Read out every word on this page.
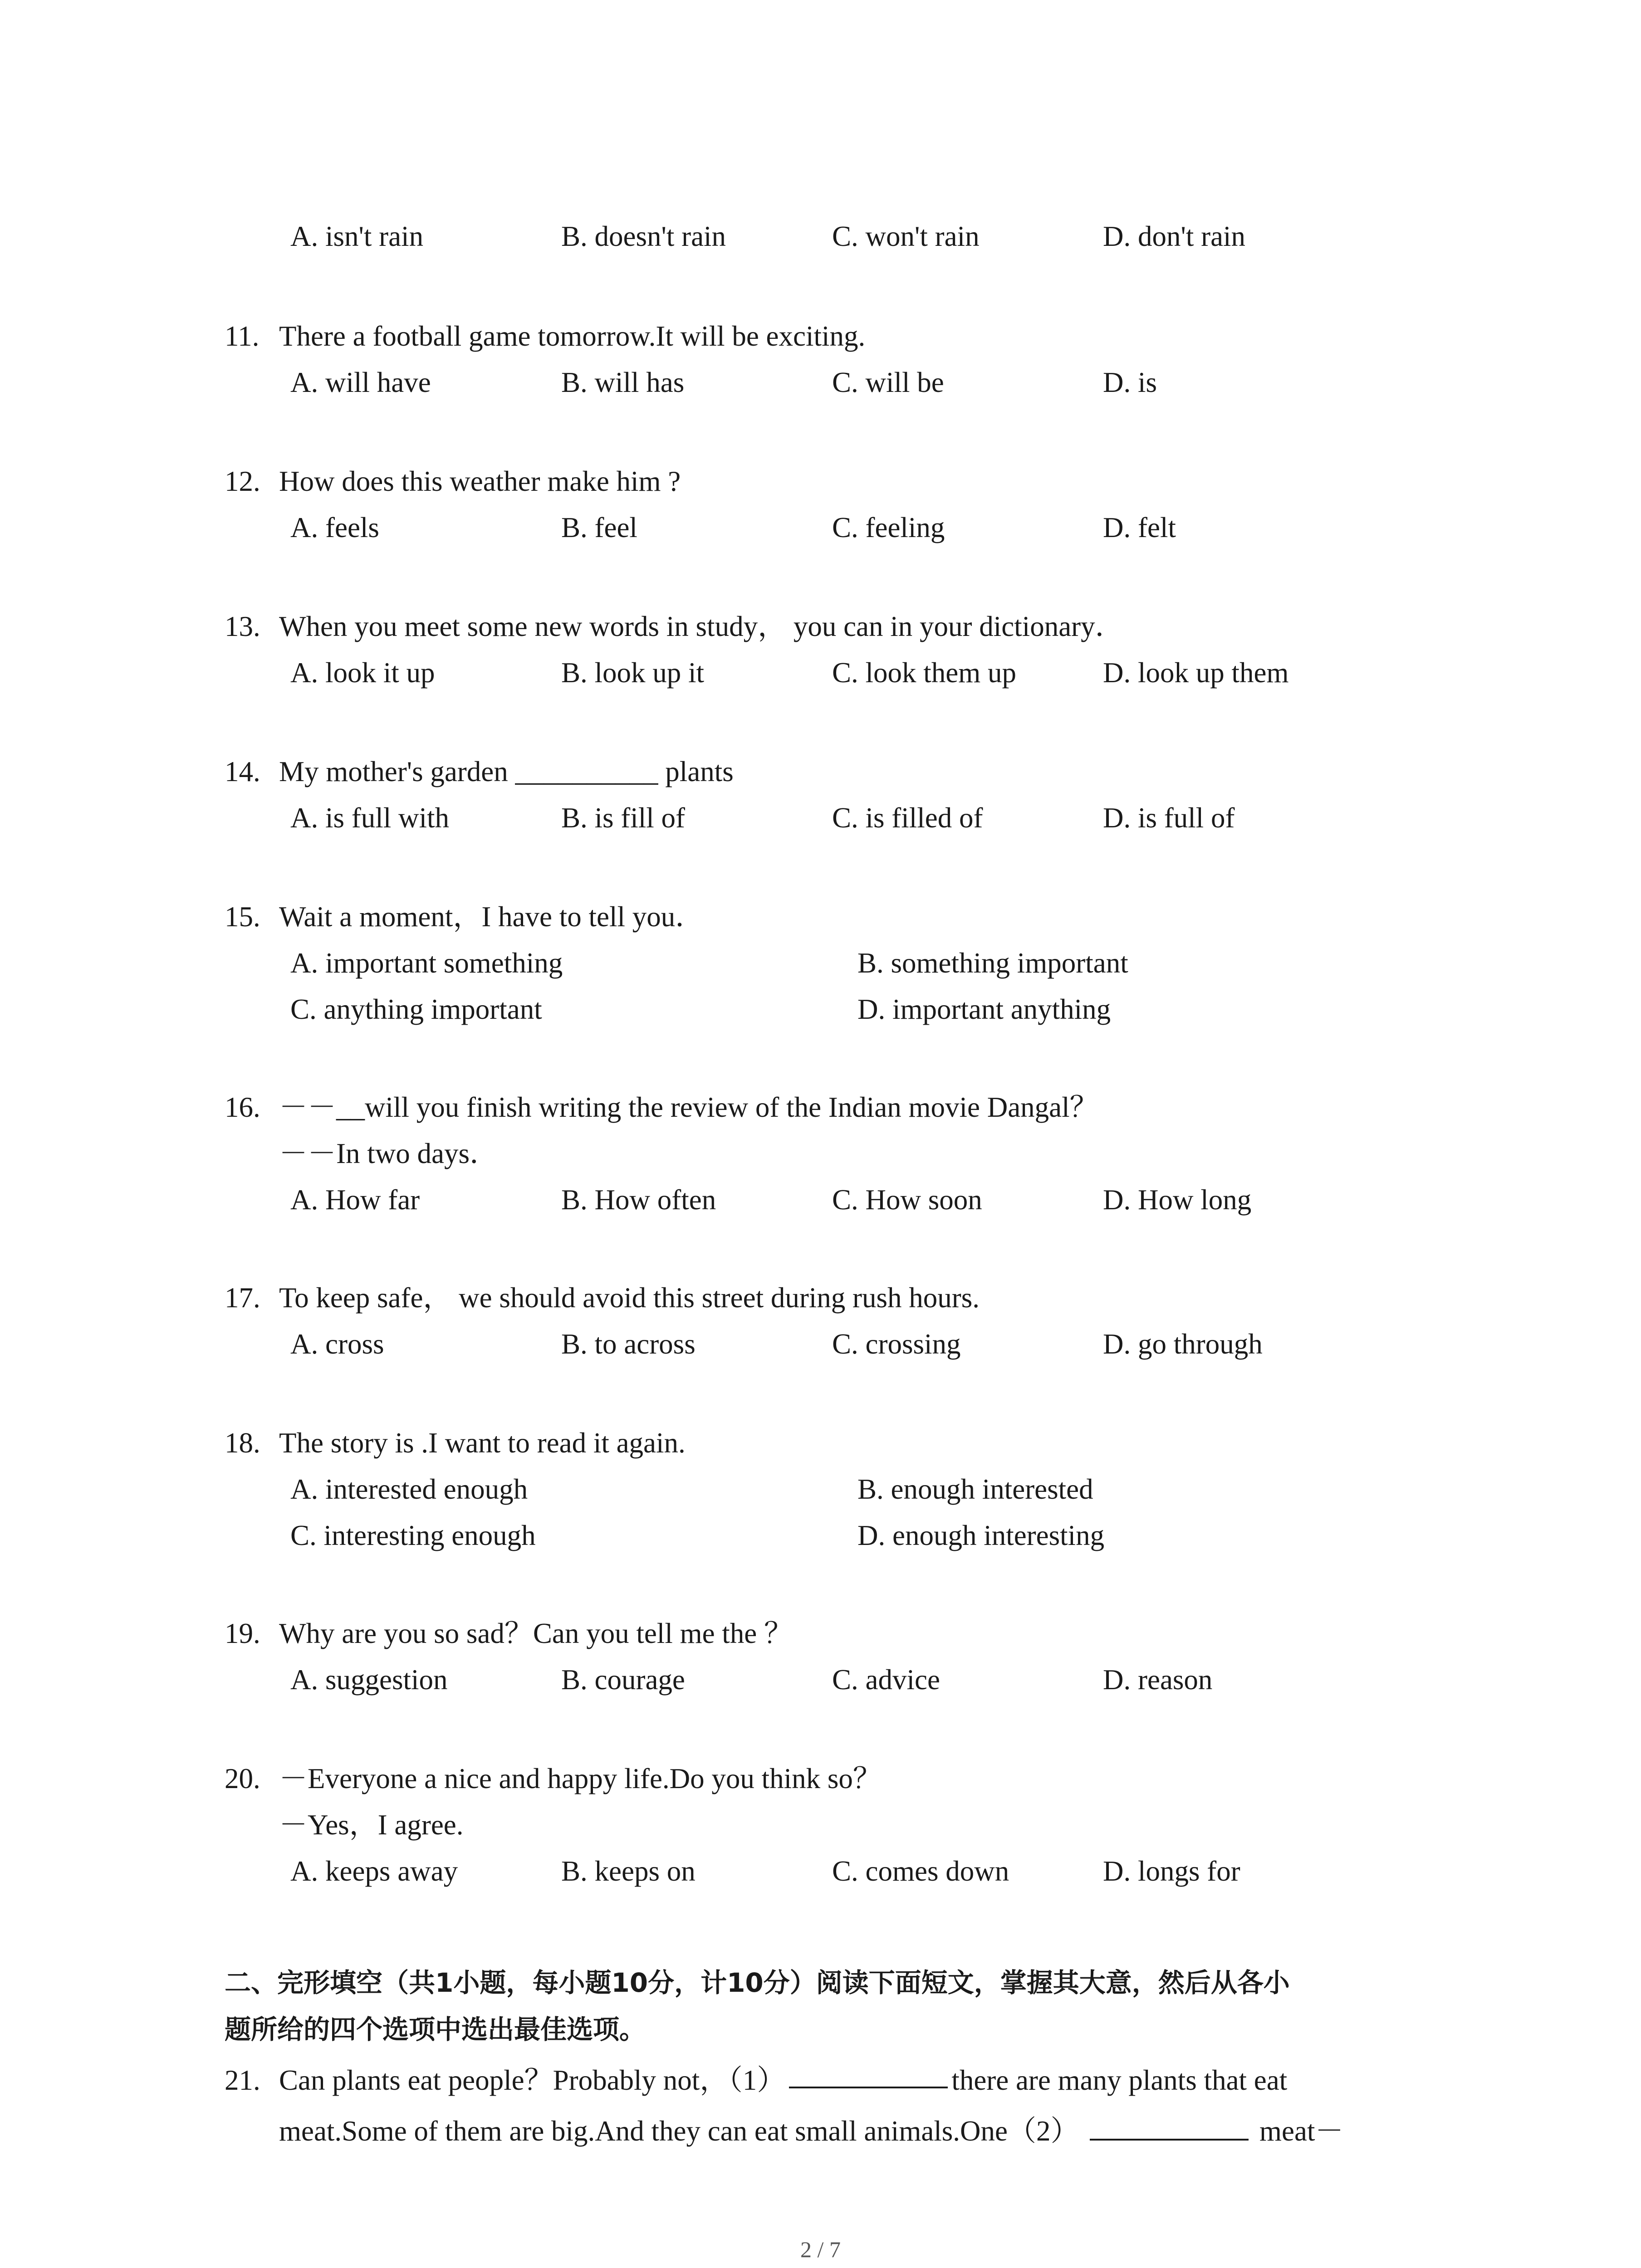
A. isn't rain	B. doesn't rain	C. won't rain	D. don't rain
11. There a football game tomorrow.It will be exciting.
A. will have	B. will has	C. will be	D. is
12. How does this weather make him ?
A. feels	B. feel	C. feeling	D. felt
13. When you meet some new words in study， you can in your dictionary．
A. look it up	B. look up it	C. look them up	D. look up them
14. My mother's garden __________ plants
A. is full with	B. is fill of	C. is filled of	D. is full of
15. Wait a moment，I have to tell you．
A. important something	B. something important
C. anything important	D. important anything
16. －－__will you finish writing the review of the Indian movie Dangal？
－－In two days．
A. How far	B. How often	C. How soon	D. How long
17. To keep safe， we should avoid this street during rush hours.
A. cross	B. to across	C. crossing	D. go through
18. The story is .I want to read it again.
A. interested enough	B. enough interested
C. interesting enough	D. enough interesting
19. Why are you so sad？Can you tell me the ？
A. suggestion	B. courage	C. advice	D. reason
20. －Everyone a nice and happy life.Do you think so？
－Yes，I agree.
A. keeps away	B. keeps on	C. comes down	D. longs for
二、完形填空（共1小题，每小题10分，计10分）阅读下面短文，掌握其大意，然后从各小
题所给的四个选项中选出最佳选项。
21. Can plants eat people？Probably not，（1）	there are many plants that eat
meat.Some of them are big.And they can eat small animals.One（2）	meat－
2 / 7
